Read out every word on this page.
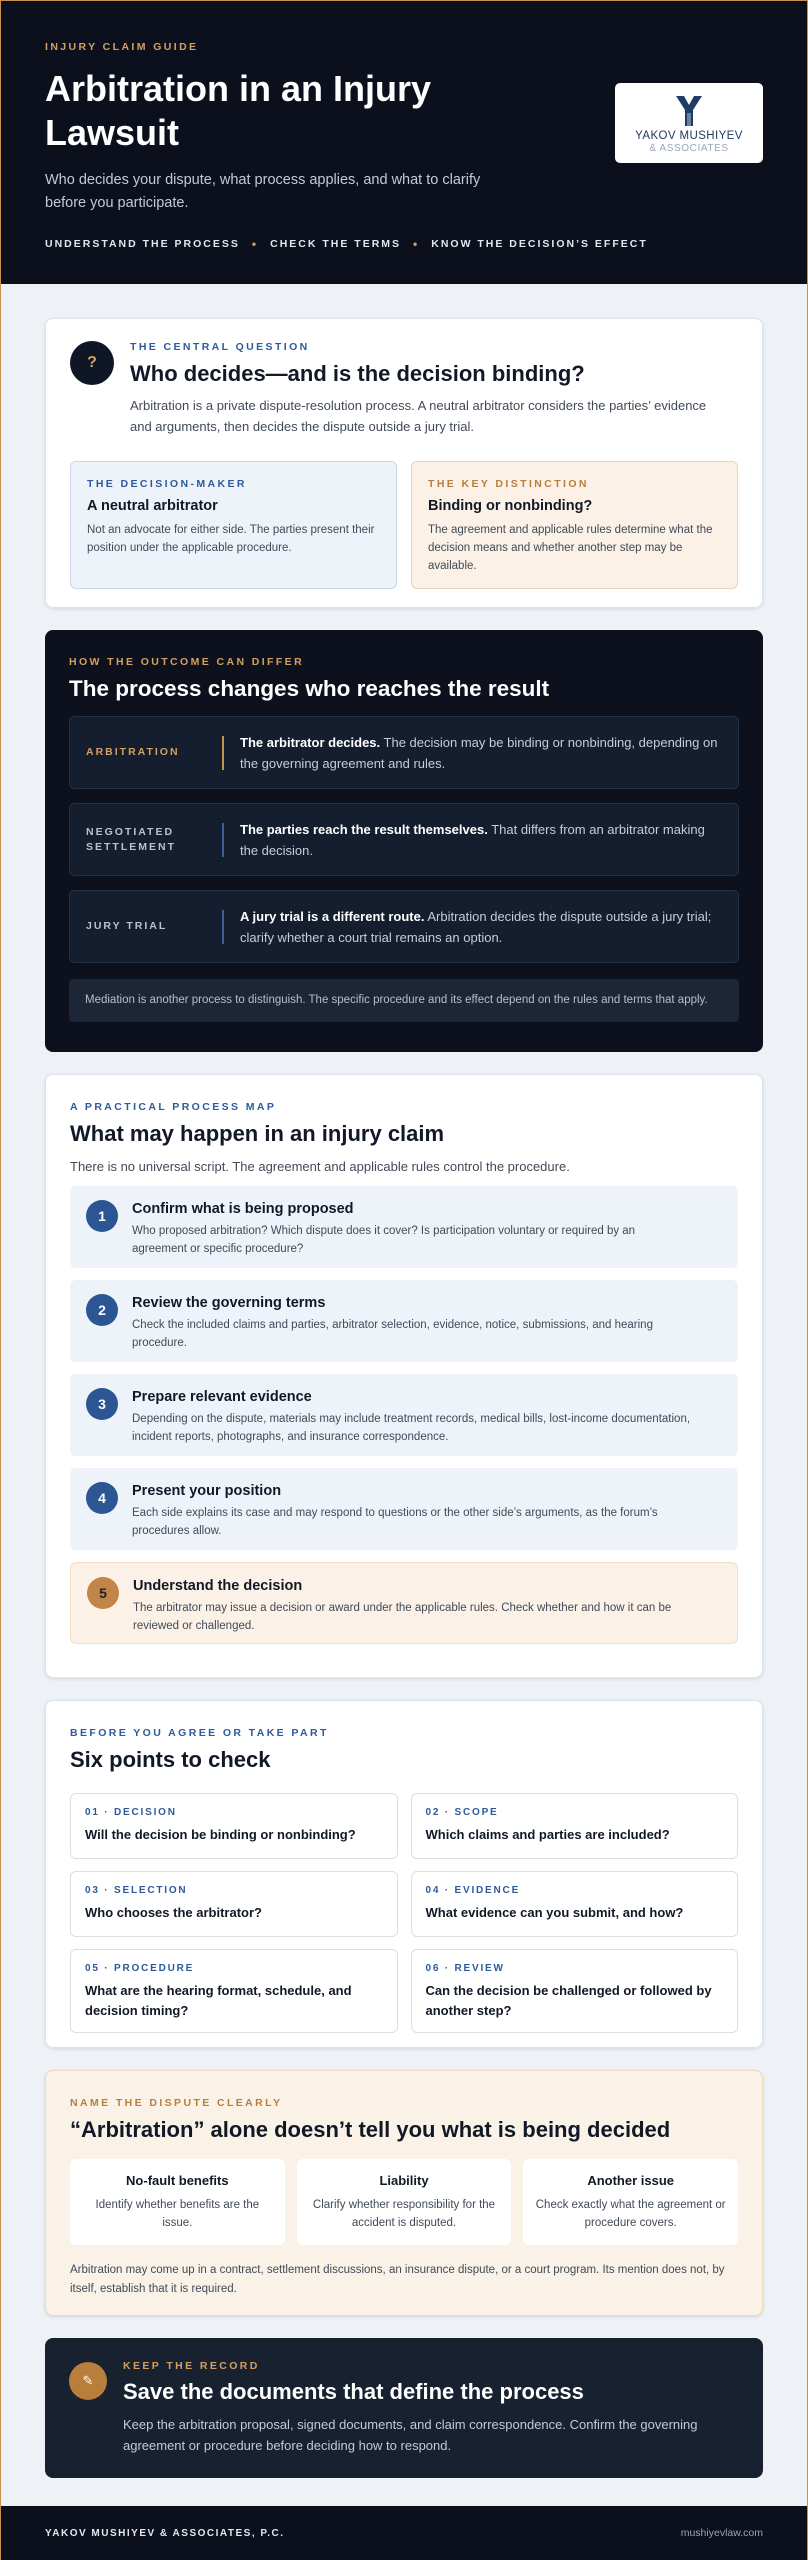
INJURY CLAIM GUIDE
Arbitration in an Injury Lawsuit

Who decides your dispute, what process applies, and what to clarify before you participate.

UNDERSTAND THE PROCESS • CHECK THE TERMS • KNOW THE DECISION’S EFFECT
YAKOV MUSHIYEV
& ASSOCIATES
?
THE CENTRAL QUESTION
Who decides—and is the decision binding?

Arbitration is a private dispute-resolution process. A neutral arbitrator considers the parties’ evidence and arguments, then decides the dispute outside a jury trial.

THE DECISION-MAKER
A neutral arbitrator

Not an advocate for either side. The parties present their position under the applicable procedure.

THE KEY DISTINCTION
Binding or nonbinding?

The agreement and applicable rules determine what the decision means and whether another step may be available.

HOW THE OUTCOME CAN DIFFER
The process changes who reaches the result
ARBITRATION
The arbitrator decides. The decision may be binding or nonbinding, depending on the governing agreement and rules.
NEGOTIATED SETTLEMENT
The parties reach the result themselves. That differs from an arbitrator making the decision.
JURY TRIAL
A jury trial is a different route. Arbitration decides the dispute outside a jury trial; clarify whether a court trial remains an option.
Mediation is another process to distinguish. The specific procedure and its effect depend on the rules and terms that apply.
A PRACTICAL PROCESS MAP
What may happen in an injury claim

There is no universal script. The agreement and applicable rules control the procedure.

1	Confirm what is being proposed

Who proposed arbitration? Which dispute does it cover? Is participation voluntary or required by an agreement or specific procedure?

2	Review the governing terms

Check the included claims and parties, arbitrator selection, evidence, notice, submissions, and hearing procedure.

3	Prepare relevant evidence

Depending on the dispute, materials may include treatment records, medical bills, lost-income documentation, incident reports, photographs, and insurance correspondence.

4	Present your position

Each side explains its case and may respond to questions or the other side’s arguments, as the forum’s procedures allow.

5	Understand the decision

The arbitrator may issue a decision or award under the applicable rules. Check whether and how it can be reviewed or challenged.

BEFORE YOU AGREE OR TAKE PART
Six points to check
01 · DECISION
Will the decision be binding or nonbinding?
02 · SCOPE
Which claims and parties are included?
03 · SELECTION
Who chooses the arbitrator?
04 · EVIDENCE
What evidence can you submit, and how?
05 · PROCEDURE
What are the hearing format, schedule, and decision timing?
06 · REVIEW
Can the decision be challenged or followed by another step?
NAME THE DISPUTE CLEARLY
“Arbitration” alone doesn’t tell you what is being decided
No-fault benefits

Identify whether benefits are the issue.

Liability

Clarify whether responsibility for the accident is disputed.

Another issue

Check exactly what the agreement or procedure covers.

Arbitration may come up in a contract, settlement discussions, an insurance dispute, or a court program. Its mention does not, by itself, establish that it is required.

✎
KEEP THE RECORD
Save the documents that define the process

Keep the arbitration proposal, signed documents, and claim correspondence. Confirm the governing agreement or procedure before deciding how to respond.

YAKOV MUSHIYEV & ASSOCIATES, P.C.	mushiyevlaw.com
